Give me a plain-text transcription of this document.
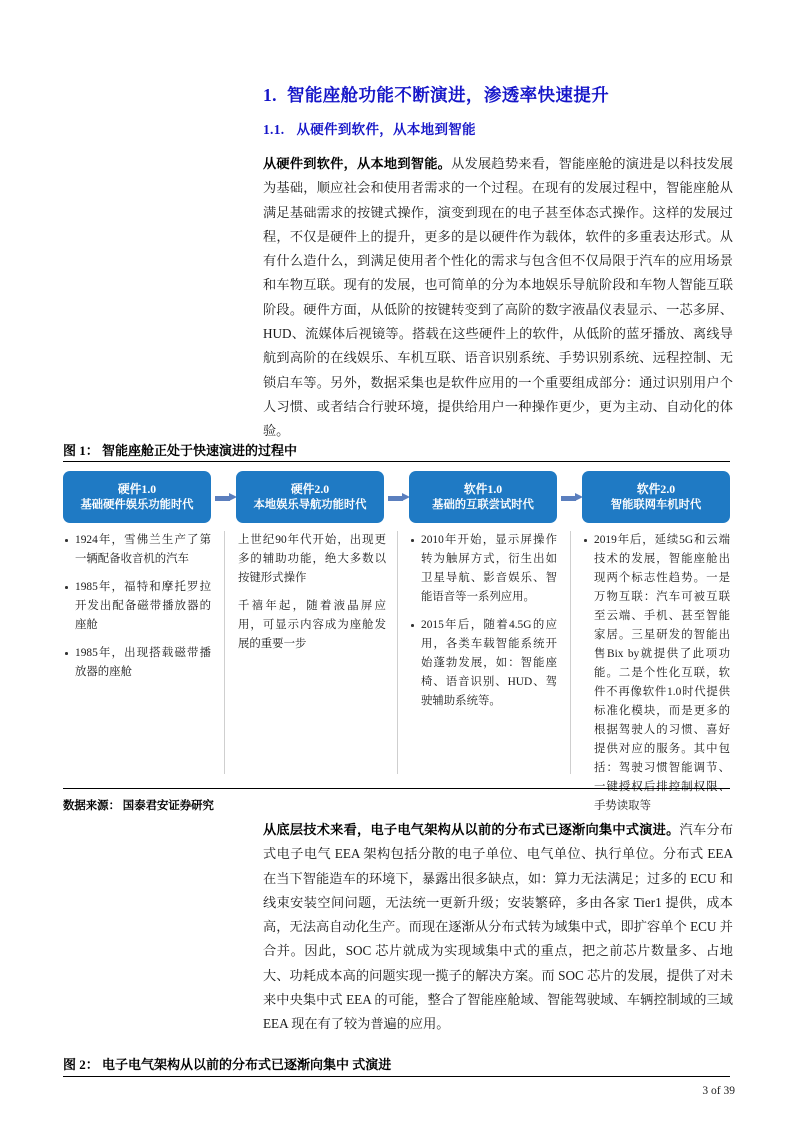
1. 智能座舱功能不断演进，渗透率快速提升
1.1. 从硬件到软件，从本地到智能
从硬件到软件，从本地到智能。从发展趋势来看，智能座舱的演进是以科技发展为基础，顺应社会和使用者需求的一个过程。在现有的发展过程中，智能座舱从满足基础需求的按键式操作，演变到现在的电子甚至体态式操作。这样的发展过程，不仅是硬件上的提升，更多的是以硬件作为载体，软件的多重表达形式。从有什么造什么，到满足使用者个性化的需求与包含但不仅局限于汽车的应用场景和车物互联。现有的发展，也可简单的分为本地娱乐导航阶段和车物人智能互联阶段。硬件方面，从低阶的按键转变到了高阶的数字液晶仪表显示、一芯多屏、HUD、流媒体后视镜等。搭载在这些硬件上的软件，从低阶的蓝牙播放、离线导航到高阶的在线娱乐、车机互联、语音识别系统、手势识别系统、远程控制、无锁启车等。另外，数据采集也是软件应用的一个重要组成部分：通过识别用户个人习惯、或者结合行驶环境，提供给用户一种操作更少，更为主动、自动化的体验。
图 1： 智能座舱正处于快速演进的过程中
硬件1.0
基础硬件娱乐功能时代
硬件2.0
本地娱乐导航功能时代
软件1.0
基础的互联尝试时代
软件2.0
智能联网车机时代
1924年，雪佛兰生产了第一辆配备收音机的汽车
1985年，福特和摩托罗拉开发出配备磁带播放器的座舱
1985年，出现搭载磁带播放器的座舱
上世纪90年代开始，出现更多的辅助功能，绝大多数以按键形式操作
千禧年起，随着液晶屏应用，可显示内容成为座舱发展的重要一步
2010年开始，显示屏操作转为触屏方式，衍生出如卫星导航、影音娱乐、智能语音等一系列应用。
2015年后，随着4.5G的应用，各类车载智能系统开始蓬勃发展，如：智能座椅、语音识别、HUD、驾驶辅助系统等。
2019年后，延续5G和云端技术的发展，智能座舱出现两个标志性趋势。一是万物互联：汽车可被互联至云端、手机、甚至智能家居。三星研发的智能出售Bix by就提供了此项功能。二是个性化互联，软件不再像软件1.0时代提供标准化模块，而是更多的根据驾驶人的习惯、喜好提供对应的服务。其中包括：驾驶习惯智能调节、一键授权后排控制权限、手势读取等
数据来源： 国泰君安证券研究
从底层技术来看，电子电气架构从以前的分布式已逐渐向集中式演进。汽车分布式电子电气 EEA 架构包括分散的电子单位、电气单位、执行单位。分布式 EEA 在当下智能造车的环境下，暴露出很多缺点，如：算力无法满足；过多的 ECU 和线束安装空间问题，无法统一更新升级；安装繁碎，多由各家 Tier1 提供，成本高，无法高自动化生产。而现在逐渐从分布式转为域集中式，即扩容单个 ECU 并合并。因此，SOC 芯片就成为实现域集中式的重点，把之前芯片数量多、占地大、功耗成本高的问题实现一揽子的解决方案。而 SOC 芯片的发展，提供了对未来中央集中式 EEA 的可能，整合了智能座舱域、智能驾驶域、车辆控制域的三域 EEA 现在有了较为普遍的应用。
图 2： 电子电气架构从以前的分布式已逐渐向集中 式演进
3 of 39
